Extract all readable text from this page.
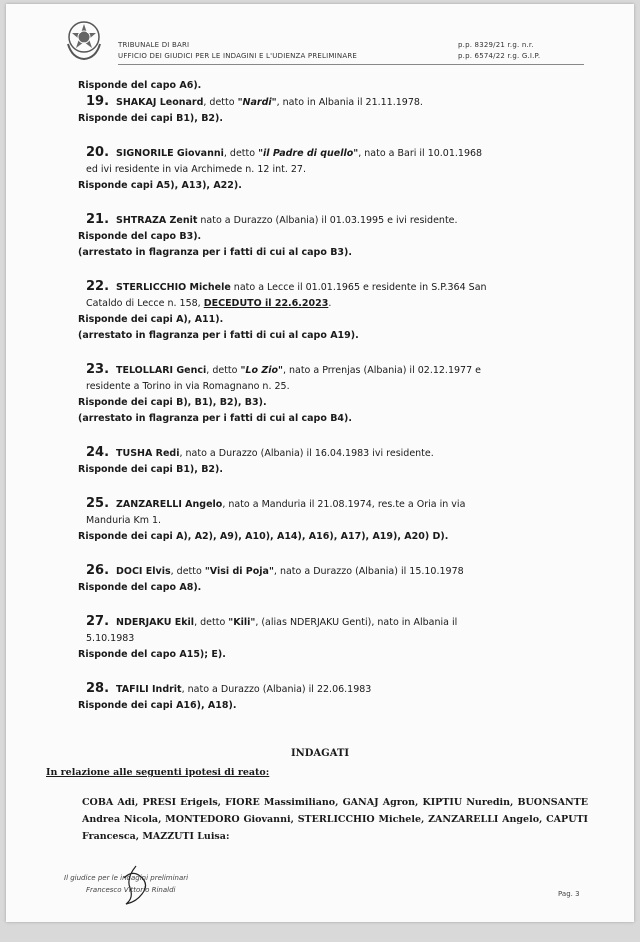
TRIBUNALE DI BARI
UFFICIO DEI GIUDICI PER LE INDAGINI E L'UDIENZA PRELIMINARE
p.p. 8329/21 r.g. n.r.
p.p. 6574/22 r.g. G.I.P.
Risponde del capo A6).
19. SHAKAJ Leonard, detto "Nardi", nato in Albania il 21.11.1978.
Risponde dei capi B1), B2).
20. SIGNORILE Giovanni, detto "il Padre di quello", nato a Bari il 10.01.1968
ed ivi residente in via Archimede n. 12 int. 27.
Risponde capi A5), A13), A22).
21. SHTRAZA Zenit nato a Durazzo (Albania) il 01.03.1995 e ivi residente.
Risponde del capo B3).
(arrestato in flagranza per i fatti di cui al capo B3).
22. STERLICCHIO Michele nato a Lecce il 01.01.1965 e residente in S.P.364 San
Cataldo di Lecce n. 158, DECEDUTO il 22.6.2023.
Risponde dei capi A), A11).
(arrestato in flagranza per i fatti di cui al capo A19).
23. TELOLLARI Genci, detto "Lo Zio", nato a Prrenjas (Albania) il 02.12.1977 e
residente a Torino in via Romagnano n. 25.
Risponde dei capi B), B1), B2), B3).
(arrestato in flagranza per i fatti di cui al capo B4).
24. TUSHA Redi, nato a Durazzo (Albania) il 16.04.1983 ivi residente.
Risponde dei capi B1), B2).
25. ZANZARELLI Angelo, nato a Manduria il 21.08.1974, res.te a Oria in via
Manduria Km 1.
Risponde dei capi A), A2), A9), A10), A14), A16), A17), A19), A20) D).
26. DOCI Elvis, detto "Visi di Poja", nato a Durazzo (Albania) il 15.10.1978
Risponde del capo A8).
27. NDERJAKU Ekil, detto "Kili", (alias NDERJAKU Genti), nato in Albania il
5.10.1983
Risponde del capo A15); E).
28. TAFILI Indrit, nato a Durazzo (Albania) il 22.06.1983
Risponde dei capi A16), A18).
INDAGATI
In relazione alle seguenti ipotesi di reato:
COBA Adi, PRESI Erigels, FIORE Massimiliano, GANAJ Agron, KIPTIU Nuredin, BUONSANTE Andrea Nicola, MONTEDORO Giovanni, STERLICCHIO Michele, ZANZARELLI Angelo, CAPUTI Francesca, MAZZUTI Luisa:
Il giudice per le indagini preliminari
Francesco Vittorio Rinaldi	Pag. 3
